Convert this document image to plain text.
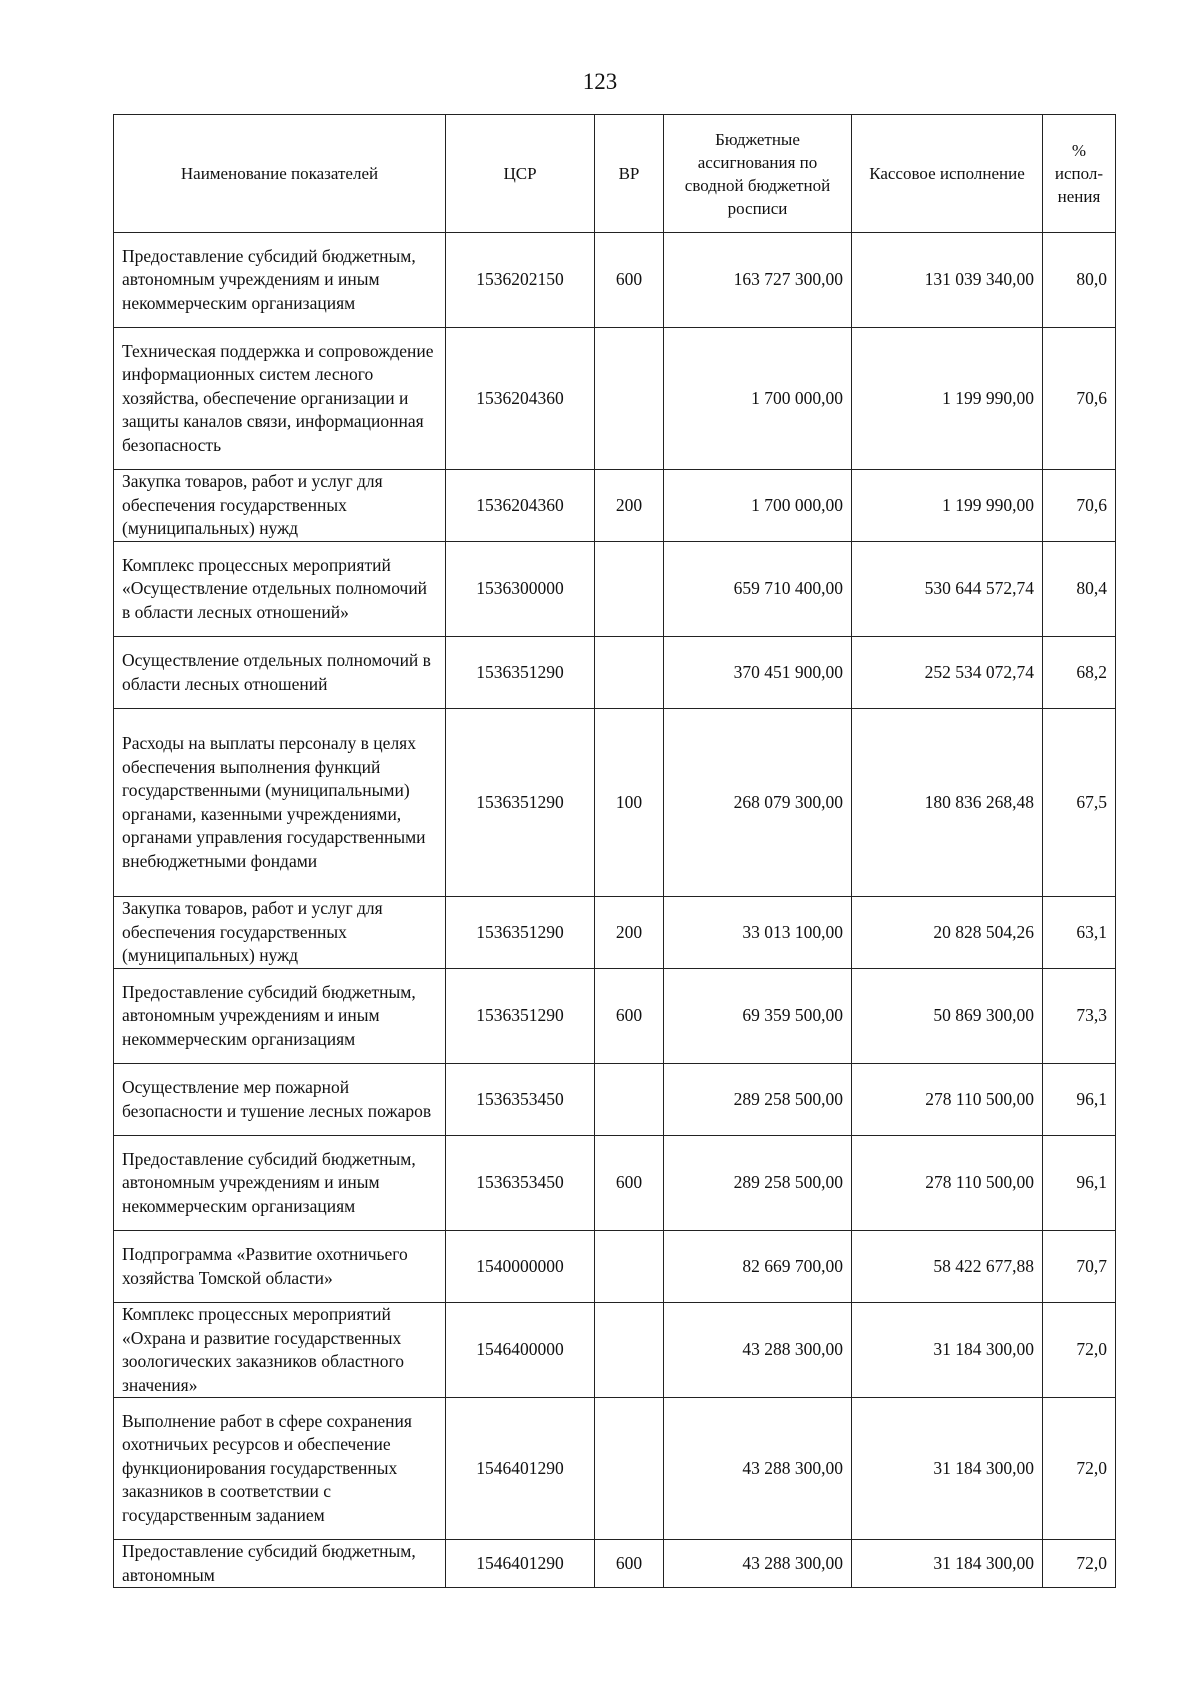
123
Наименование показателей	ЦСР	ВР	Бюджетные ассигнования по сводной бюджетной росписи	Кассовое исполнение	% испол-нения
Предоставление субсидий бюджетным, автономным учреждениям и иным некоммерческим организациям	1536202150	600	163 727 300,00	131 039 340,00	80,0
Техническая поддержка и сопровождение информационных систем лесного хозяйства, обеспечение организации и защиты каналов связи, информационная безопасность	1536204360		1 700 000,00	1 199 990,00	70,6
Закупка товаров, работ и услуг для обеспечения государственных (муниципальных) нужд	1536204360	200	1 700 000,00	1 199 990,00	70,6
Комплекс процессных мероприятий «Осуществление отдельных полномочий в области лесных отношений»	1536300000		659 710 400,00	530 644 572,74	80,4
Осуществление отдельных полномочий в области лесных отношений	1536351290		370 451 900,00	252 534 072,74	68,2
Расходы на выплаты персоналу в целях обеспечения выполнения функций государственными (муниципальными) органами, казенными учреждениями, органами управления государственными внебюджетными фондами	1536351290	100	268 079 300,00	180 836 268,48	67,5
Закупка товаров, работ и услуг для обеспечения государственных (муниципальных) нужд	1536351290	200	33 013 100,00	20 828 504,26	63,1
Предоставление субсидий бюджетным, автономным учреждениям и иным некоммерческим организациям	1536351290	600	69 359 500,00	50 869 300,00	73,3
Осуществление мер пожарной безопасности и тушение лесных пожаров	1536353450		289 258 500,00	278 110 500,00	96,1
Предоставление субсидий бюджетным, автономным учреждениям и иным некоммерческим организациям	1536353450	600	289 258 500,00	278 110 500,00	96,1
Подпрограмма «Развитие охотничьего хозяйства Томской области»	1540000000		82 669 700,00	58 422 677,88	70,7
Комплекс процессных мероприятий «Охрана и развитие государственных зоологических заказников областного значения»	1546400000		43 288 300,00	31 184 300,00	72,0
Выполнение работ в сфере сохранения охотничьих ресурсов и обеспечение функционирования государственных заказников в соответствии с государственным заданием	1546401290		43 288 300,00	31 184 300,00	72,0
Предоставление субсидий бюджетным, автономным	1546401290	600	43 288 300,00	31 184 300,00	72,0
